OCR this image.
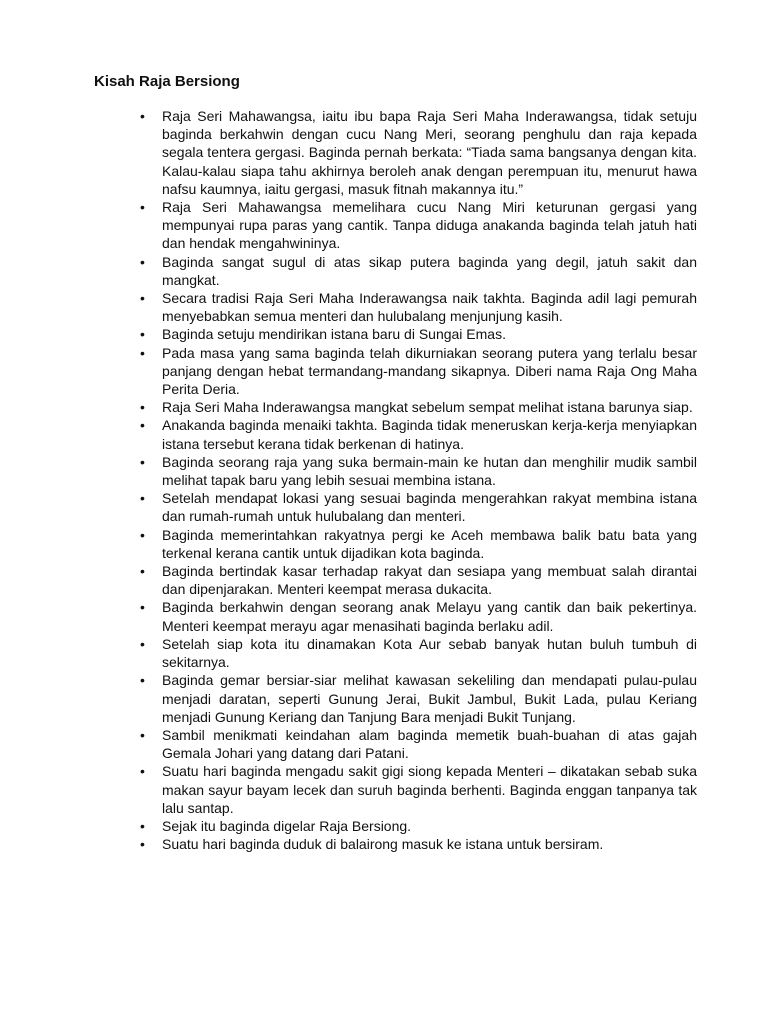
Kisah Raja Bersiong
•	Raja Seri Mahawangsa, iaitu ibu bapa Raja Seri Maha Inderawangsa, tidak setuju baginda berkahwin dengan cucu Nang Meri, seorang penghulu dan raja kepada segala tentera gergasi. Baginda pernah berkata: “Tiada sama bangsanya dengan kita. Kalau-kalau siapa tahu akhirnya beroleh anak dengan perempuan itu, menurut hawa nafsu kaumnya, iaitu gergasi, masuk fitnah makannya itu.”
•	Raja Seri Mahawangsa memelihara cucu Nang Miri keturunan gergasi yang mempunyai rupa paras yang cantik. Tanpa diduga anakanda baginda telah jatuh hati dan hendak mengahwininya.
•	Baginda sangat sugul di atas sikap putera baginda yang degil, jatuh sakit dan mangkat.
•	Secara tradisi Raja Seri Maha Inderawangsa naik takhta. Baginda adil lagi pemurah menyebabkan semua menteri dan hulubalang menjunjung kasih.
•	Baginda setuju mendirikan istana baru di Sungai Emas.
•	Pada masa yang sama baginda telah dikurniakan seorang putera yang terlalu besar panjang dengan hebat termandang-mandang sikapnya. Diberi nama Raja Ong Maha Perita Deria.
•	Raja Seri Maha Inderawangsa mangkat sebelum sempat melihat istana barunya siap.
•	Anakanda baginda menaiki takhta. Baginda tidak meneruskan kerja-kerja menyiapkan istana tersebut kerana tidak berkenan di hatinya.
•	Baginda seorang raja yang suka bermain-main ke hutan dan menghilir mudik sambil melihat tapak baru yang lebih sesuai membina istana.
•	Setelah mendapat lokasi yang sesuai baginda mengerahkan rakyat membina istana dan rumah-rumah untuk hulubalang dan menteri.
•	Baginda memerintahkan rakyatnya pergi ke Aceh membawa balik batu bata yang terkenal kerana cantik untuk dijadikan kota baginda.
•	Baginda bertindak kasar terhadap rakyat dan sesiapa yang membuat salah dirantai dan dipenjarakan. Menteri keempat merasa dukacita.
•	Baginda berkahwin dengan seorang anak Melayu yang cantik dan baik pekertinya. Menteri keempat merayu agar menasihati baginda berlaku adil.
•	Setelah siap kota itu dinamakan Kota Aur sebab banyak hutan buluh tumbuh di sekitarnya.
•	Baginda gemar bersiar-siar melihat kawasan sekeliling dan mendapati pulau-pulau menjadi daratan, seperti Gunung Jerai, Bukit Jambul, Bukit Lada, pulau Keriang menjadi Gunung Keriang dan Tanjung Bara menjadi Bukit Tunjang.
•	Sambil menikmati keindahan alam baginda memetik buah-buahan di atas gajah Gemala Johari yang datang dari Patani.
•	Suatu hari baginda mengadu sakit gigi siong kepada Menteri – dikatakan sebab suka makan sayur bayam lecek dan suruh baginda berhenti. Baginda enggan tanpanya tak lalu santap.
•	Sejak itu baginda digelar Raja Bersiong.
•	Suatu hari baginda duduk di balairong masuk ke istana untuk bersiram.
